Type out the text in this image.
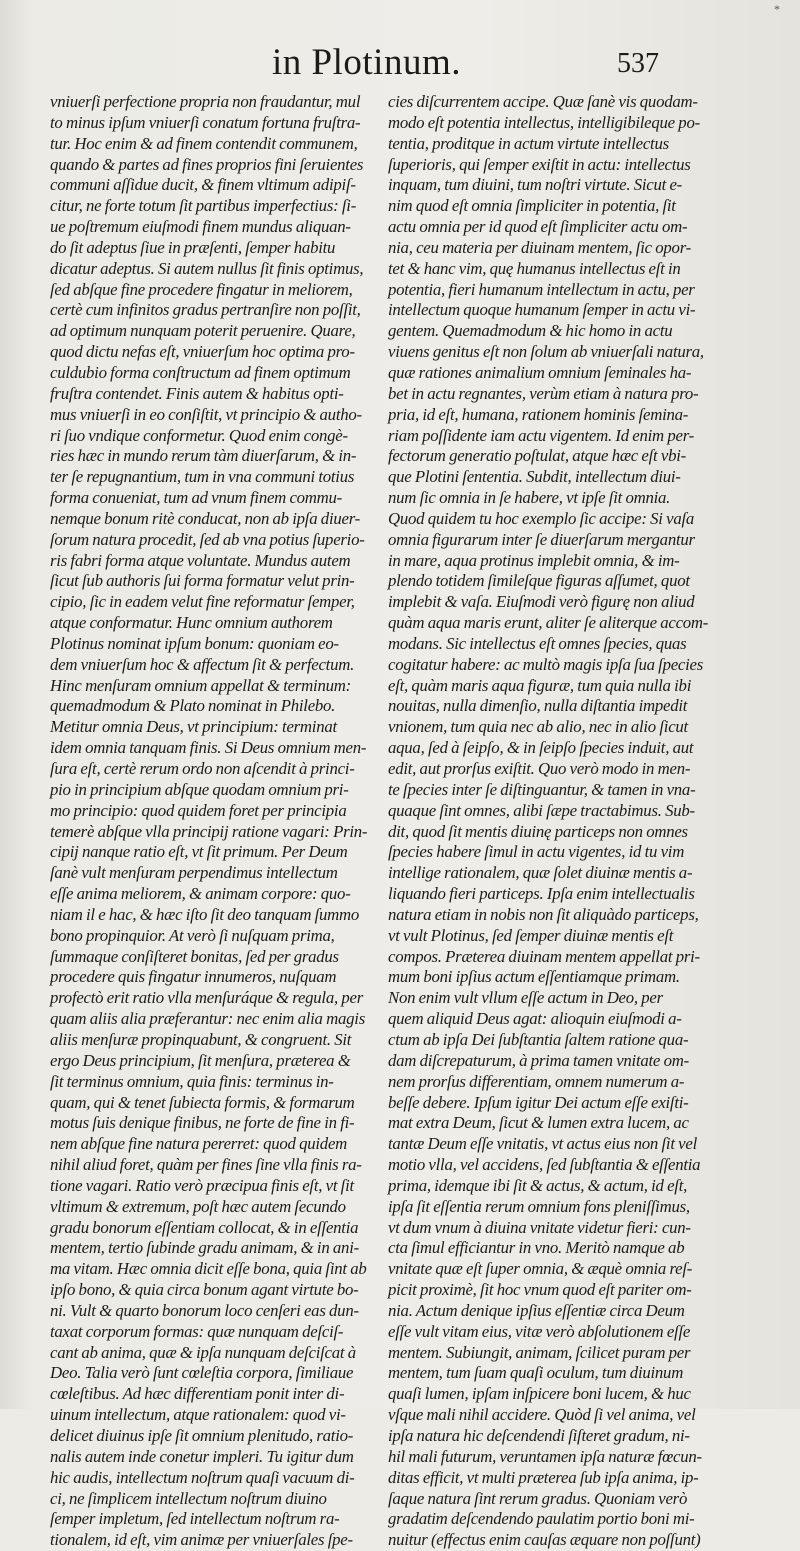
in Plotinum.	537
*
vniuerſi perfectione propria non fraudantur, mul
to minus ipſum vniuerſi conatum fortuna fruſtra-
tur. Hoc enim & ad finem contendit communem,
quando & partes ad fines proprios fini ſeruientes
communi aſſidue ducit, & finem vltimum adipiſ-
citur, ne forte totum ſit partibus imperfectius: ſi-
ue poſtremum eiuſmodi finem mundus aliquan-
do ſit adeptus ſiue in præſenti, ſemper habitu
dicatur adeptus. Si autem nullus ſit finis optimus,
ſed abſque fine procedere fingatur in meliorem,
certè cum infinitos gradus pertranſire non poſſit,
ad optimum nunquam poterit peruenire. Quare,
quod dictu nefas eſt, vniuerſum hoc optima pro-
culdubio forma conſtructum ad finem optimum
fruſtra contendet. Finis autem & habitus opti-
mus vniuerſi in eo conſiſtit, vt principio & autho-
ri ſuo vndique conformetur. Quod enim congè-
ries hæc in mundo rerum tàm diuerſarum, & in-
ter ſe repugnantium, tum in vna communi totius
forma conueniat, tum ad vnum finem commu-
nemque bonum ritè conducat, non ab ipſa diuer-
ſorum natura procedit, ſed ab vna potius ſuperio-
ris fabri forma atque voluntate. Mundus autem
ſicut ſub authoris ſui forma formatur velut prin-
cipio, ſic in eadem velut fine reformatur ſemper,
atque conformatur. Hunc omnium authorem
Plotinus nominat ipſum bonum: quoniam eo-
dem vniuerſum hoc & affectum ſit & perfectum.
Hinc menſuram omnium appellat & terminum:
quemadmodum & Plato nominat in Philebo.
Metitur omnia Deus, vt principium: terminat
idem omnia tanquam finis. Si Deus omnium men-
ſura eſt, certè rerum ordo non aſcendit à princi-
pio in principium abſque quodam omnium pri-
mo principio: quod quidem foret per principia
temerè abſque vlla principij ratione vagari: Prin-
cipij nanque ratio eſt, vt ſit primum. Per Deum
ſanè vult menſuram perpendimus intellectum
eſſe anima meliorem, & animam corpore: quo-
niam il e hac, & hæc iſto ſit deo tanquam ſummo
bono propinquior. At verò ſi nuſquam prima,
ſummaque conſiſteret bonitas, ſed per gradus
procedere quis fingatur innumeros, nuſquam
profectò erit ratio vlla menſuráque & regula, per
quam aliis alia præferantur: nec enim alia magis
aliis menſuræ propinquabunt, & congruent. Sit
ergo Deus principium, ſit menſura, præterea &
ſit terminus omnium, quia finis: terminus in-
quam, qui & tenet ſubiecta formis, & formarum
motus ſuis denique finibus, ne forte de fine in fi-
nem abſque fine natura pererret: quod quidem
nihil aliud foret, quàm per fines ſine vlla finis ra-
tione vagari. Ratio verò præcipua finis eſt, vt ſit
vltimum & extremum, poſt hæc autem ſecundo
gradu bonorum eſſentiam collocat, & in eſſentia
mentem, tertio ſubinde gradu animam, & in ani-
ma vitam. Hæc omnia dicit eſſe bona, quia ſint ab
ipſo bono, & quia circa bonum agant virtute bo-
ni. Vult & quarto bonorum loco cenſeri eas dun-
taxat corporum formas: quæ nunquam deſciſ-
cant ab anima, quæ & ipſa nunquam deſciſcat à
Deo. Talia verò ſunt cœleſtia corpora, ſimiliaue
cœleſtibus. Ad hæc differentiam ponit inter di-
uinum intellectum, atque rationalem: quod vi-
delicet diuinus ipſe ſit omnium plenitudo, ratio-
nalis autem inde conetur impleri. Tu igitur dum
hic audis, intellectum noſtrum quaſi vacuum di-
ci, ne ſimplicem intellectum noſtrum diuino
ſemper impletum, ſed intellectum noſtrum ra-
tionalem, id eſt, vim animæ per vniuerſales ſpe-
cies diſcurrentem accipe. Quæ ſanè vis quodam-
modo eſt potentia intellectus, intelligibileque po-
tentia, proditque in actum virtute intellectus
ſuperioris, qui ſemper exiſtit in actu: intellectus
inquam, tum diuini, tum noſtri virtute. Sicut e-
nim quod eſt omnia ſimpliciter in potentia, ſit
actu omnia per id quod eſt ſimpliciter actu om-
nia, ceu materia per diuinam mentem, ſic opor-
tet & hanc vim, quę humanus intellectus eſt in
potentia, fieri humanum intellectum in actu, per
intellectum quoque humanum ſemper in actu vi-
gentem. Quemadmodum & hic homo in actu
viuens genitus eſt non ſolum ab vniuerſali natura,
quæ rationes animalium omnium ſeminales ha-
bet in actu regnantes, verùm etiam à natura pro-
pria, id eſt, humana, rationem hominis ſemina-
riam poſſidente iam actu vigentem. Id enim per-
fectorum generatio poſtulat, atque hæc eſt vbi-
que Plotini ſententia. Subdit, intellectum diui-
num ſic omnia in ſe habere, vt ipſe ſit omnia.
Quod quidem tu hoc exemplo ſic accipe: Si vaſa
omnia figurarum inter ſe diuerſarum mergantur
in mare, aqua protinus implebit omnia, & im-
plendo totidem ſimileſque figuras aſſumet, quot
implebit & vaſa. Eiuſmodi verò figurę non aliud
quàm aqua maris erunt, aliter ſe aliterque accom-
modans. Sic intellectus eſt omnes ſpecies, quas
cogitatur habere: ac multò magis ipſa ſua ſpecies
eſt, quàm maris aqua figuræ, tum quia nulla ibi
nouitas, nulla dimenſio, nulla diſtantia impedit
vnionem, tum quia nec ab alio, nec in alio ſicut
aqua, ſed à ſeipſo, & in ſeipſo ſpecies induit, aut
edit, aut prorſus exiſtit. Quo verò modo in men-
te ſpecies inter ſe diſtinguantur, & tamen in vna-
quaque ſint omnes, alibi ſæpe tractabimus. Sub-
dit, quod ſit mentis diuinę particeps non omnes
ſpecies habere ſimul in actu vigentes, id tu vim
intellige rationalem, quæ ſolet diuinæ mentis a-
liquando fieri particeps. Ipſa enim intellectualis
natura etiam in nobis non ſit aliquàdo particeps,
vt vult Plotinus, ſed ſemper diuinæ mentis eſt
compos. Præterea diuinam mentem appellat pri-
mum boni ipſius actum eſſentiamque primam.
Non enim vult vllum eſſe actum in Deo, per
quem aliquid Deus agat: alioquin eiuſmodi a-
ctum ab ipſa Dei ſubſtantia ſaltem ratione qua-
dam diſcrepaturum, à prima tamen vnitate om-
nem prorſus differentiam, omnem numerum a-
beſſe debere. Ipſum igitur Dei actum eſſe exiſti-
mat extra Deum, ſicut & lumen extra lucem, ac
tantæ Deum eſſe vnitatis, vt actus eius non ſit vel
motio vlla, vel accidens, ſed ſubſtantia & eſſentia
prima, idemque ibi ſit & actus, & actum, id eſt,
ipſa ſit eſſentia rerum omnium fons pleniſſimus,
vt dum vnum à diuina vnitate videtur fieri: cun-
cta ſimul efficiantur in vno. Meritò namque ab
vnitate quæ eſt ſuper omnia, & æquè omnia reſ-
picit proximè, ſit hoc vnum quod eſt pariter om-
nia. Actum denique ipſius eſſentiæ circa Deum
eſſe vult vitam eius, vitæ verò abſolutionem eſſe
mentem. Subiungit, animam, ſcilicet puram per
mentem, tum ſuam quaſi oculum, tum diuinum
quaſi lumen, ipſam inſpicere boni lucem, & huc
vſque mali nihil accidere. Quòd ſi vel anima, vel
ipſa natura hic deſcendendi ſiſteret gradum, ni-
hil mali futurum, veruntamen ipſa naturæ fœcun-
ditas efficit, vt multi præterea ſub ipſa anima, ip-
ſaque natura ſint rerum gradus. Quoniam verò
gradatim deſcendendo paulatim portio boni mi-
nuitur (effectus enim cauſas æquare non poſſunt)
